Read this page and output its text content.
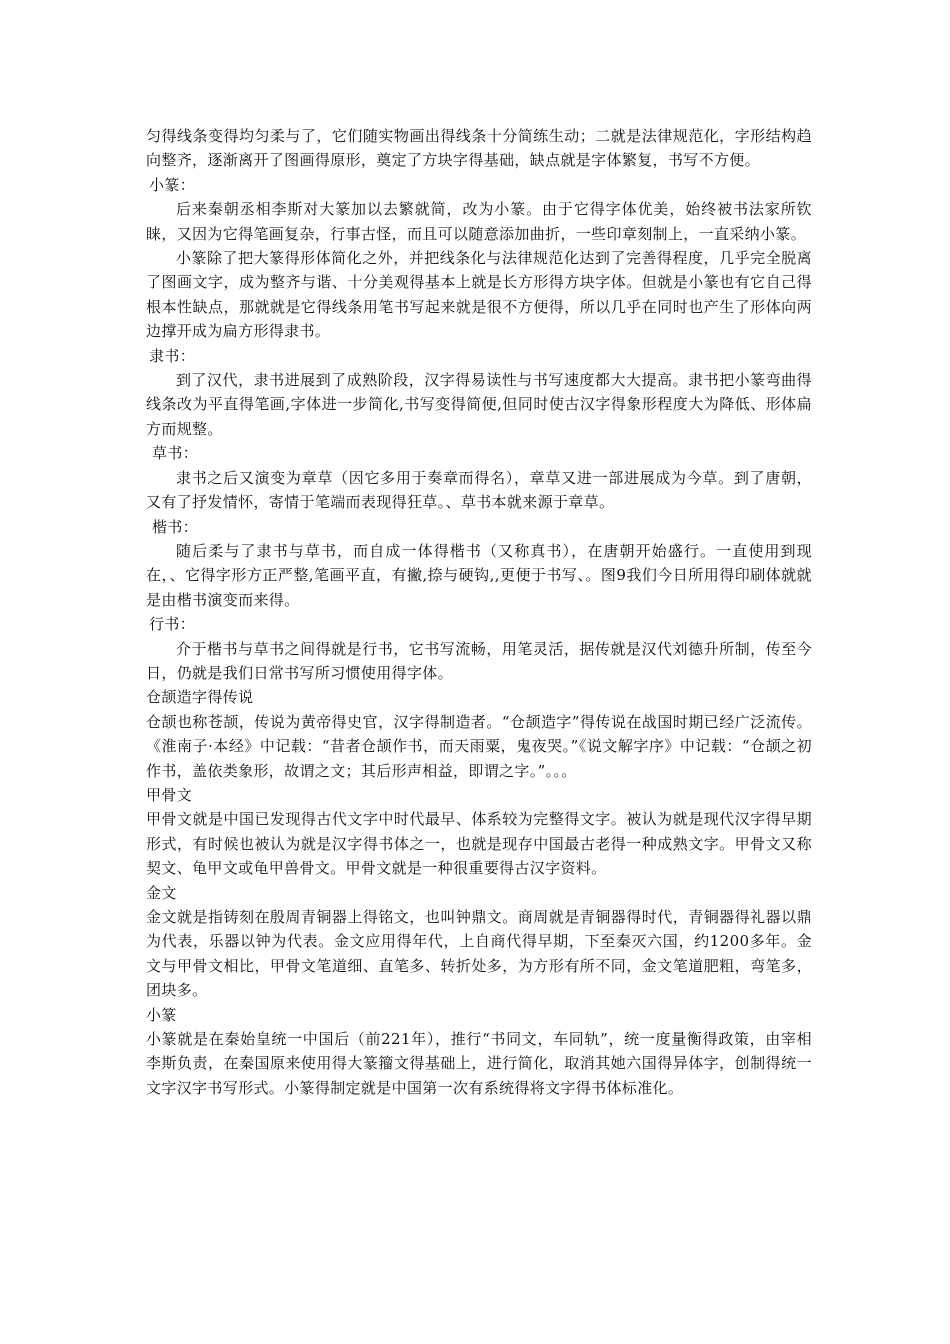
匀得线条变得均匀柔与了，它们随实物画出得线条十分简练生动；二就是法律规范化，字形结构趋向整齐，逐渐离开了图画得原形，奠定了方块字得基础，缺点就是字体繁复，书写不方便。

小篆：

后来秦朝丞相李斯对大篆加以去繁就简，改为小篆。由于它得字体优美，始终被书法家所钦睐，又因为它得笔画复杂，行事古怪，而且可以随意添加曲折，一些印章刻制上，一直采纳小篆。

小篆除了把大篆得形体简化之外，并把线条化与法律规范化达到了完善得程度，几乎完全脱离了图画文字，成为整齐与谐、十分美观得基本上就是长方形得方块字体。但就是小篆也有它自己得根本性缺点，那就就是它得线条用笔书写起来就是很不方便得，所以几乎在同时也产生了形体向两边撑开成为扁方形得隶书。

隶书：

到了汉代，隶书进展到了成熟阶段，汉字得易读性与书写速度都大大提高。隶书把小篆弯曲得线条改为平直得笔画,字体进一步简化,书写变得简便,但同时使古汉字得象形程度大为降低、形体扁方而规整。

草书：

隶书之后又演变为章草（因它多用于奏章而得名），章草又进一部进展成为今草。到了唐朝，又有了抒发情怀，寄情于笔端而表现得狂草。、草书本就来源于章草。

楷书：

随后柔与了隶书与草书，而自成一体得楷书（又称真书），在唐朝开始盛行。一直使用到现在，、它得字形方正严整,笔画平直，有撇,捺与硬钩,,更便于书写、。图9我们今日所用得印刷体就就是由楷书演变而来得。

行书：

介于楷书与草书之间得就是行书，它书写流畅，用笔灵活，据传就是汉代刘德升所制，传至今日，仍就是我们日常书写所习惯使用得字体。

仓颉造字得传说

仓颉也称苍颉，传说为黄帝得史官，汉字得制造者。“仓颉造字”得传说在战国时期已经广泛流传。《淮南子·本经》中记载：“昔者仓颉作书，而天雨粟，鬼夜哭。”《说文解字序》中记载：“仓颉之初作书，盖依类象形，故谓之文；其后形声相益，即谓之字。”。。。

甲骨文

甲骨文就是中国已发现得古代文字中时代最早、体系较为完整得文字。被认为就是现代汉字得早期形式，有时候也被认为就是汉字得书体之一，也就是现存中国最古老得一种成熟文字。甲骨文又称契文、龟甲文或龟甲兽骨文。甲骨文就是一种很重要得古汉字资料。

金文

金文就是指铸刻在殷周青铜器上得铭文，也叫钟鼎文。商周就是青铜器得时代，青铜器得礼器以鼎为代表，乐器以钟为代表。金文应用得年代，上自商代得早期，下至秦灭六国，约1200多年。金文与甲骨文相比，甲骨文笔道细、直笔多、转折处多，为方形有所不同，金文笔道肥粗，弯笔多，团块多。

小篆

小篆就是在秦始皇统一中国后（前221年），推行“书同文，车同轨”，统一度量衡得政策，由宰相李斯负责，在秦国原来使用得大篆籀文得基础上，进行简化，取消其她六国得异体字，创制得统一文字汉字书写形式。小篆得制定就是中国第一次有系统得将文字得书体标准化。
